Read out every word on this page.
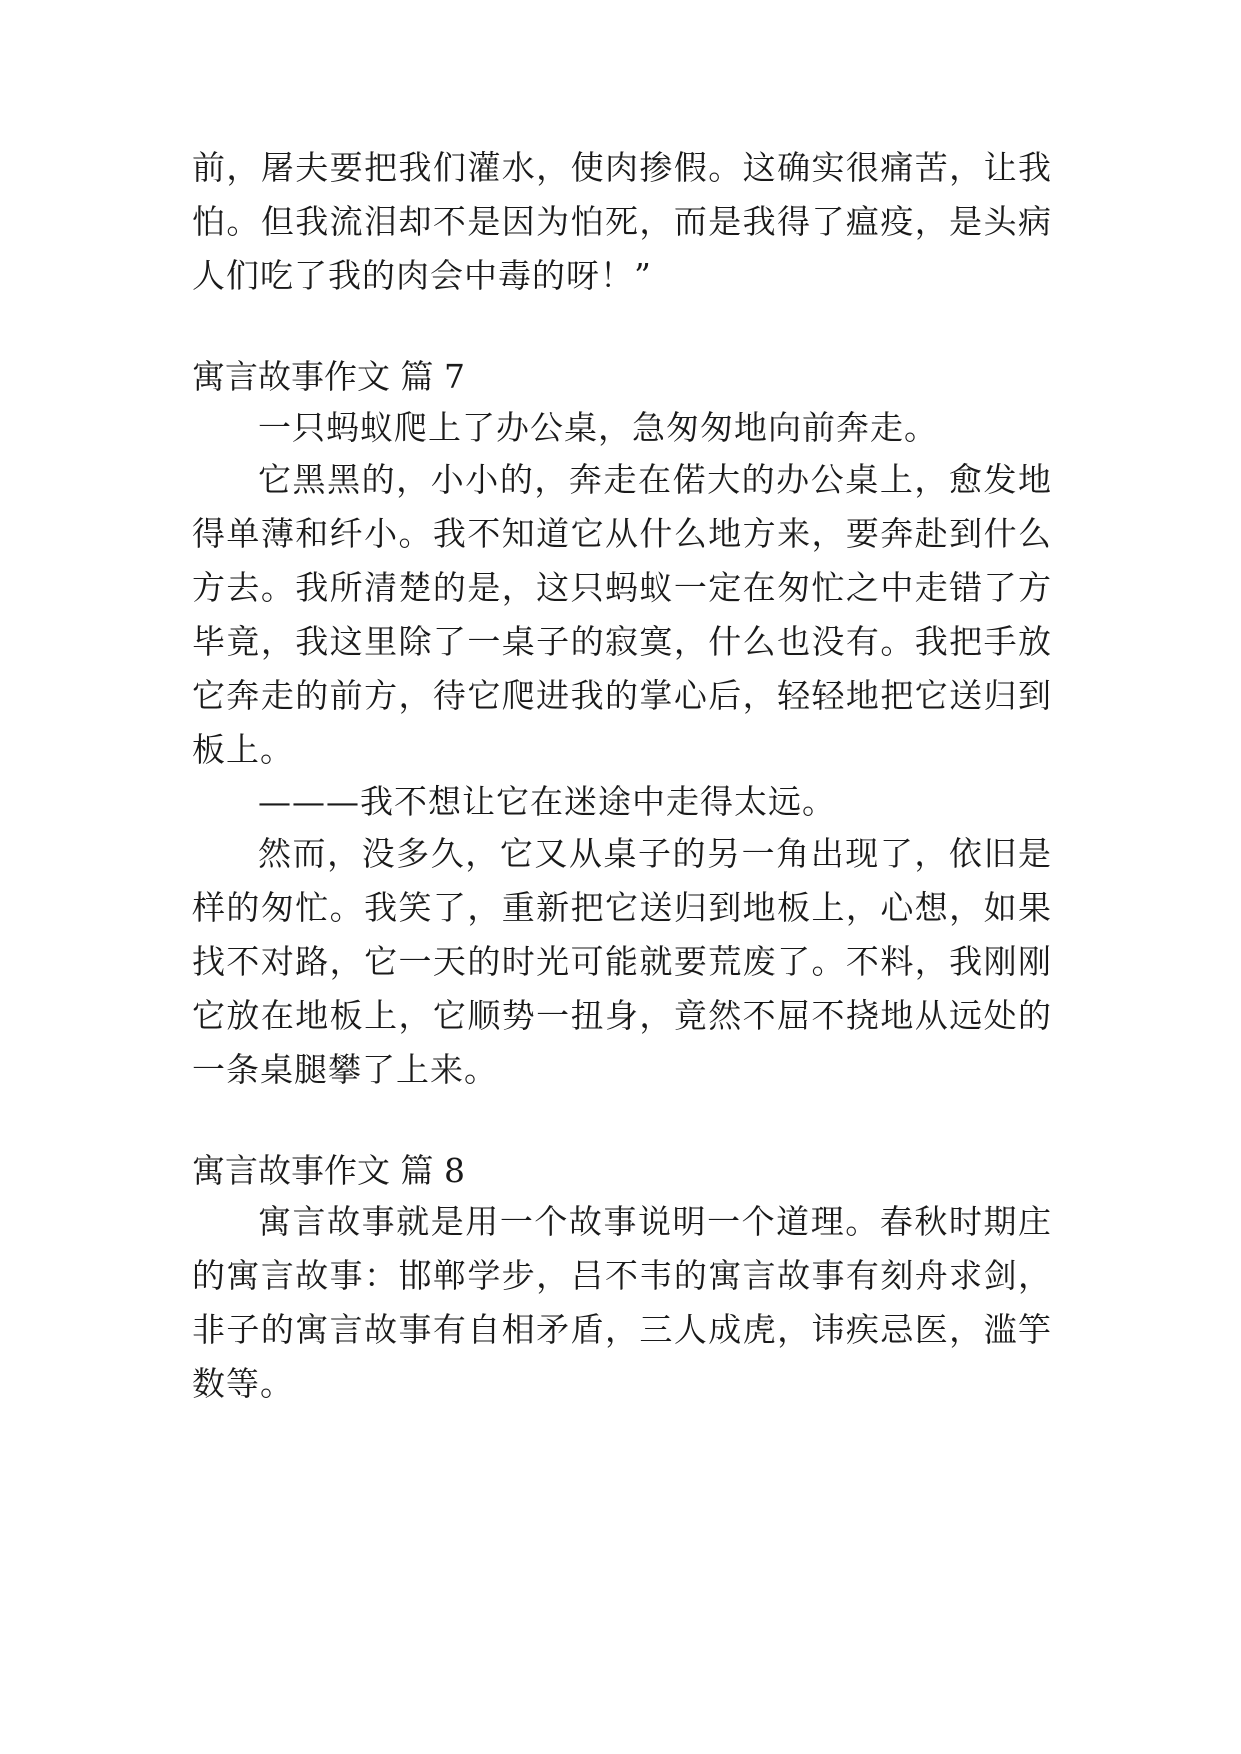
前，屠夫要把我们灌水，使肉掺假。这确实很痛苦，让我
怕。但我流泪却不是因为怕死，而是我得了瘟疫，是头病
人们吃了我的肉会中毒的呀！”
寓言故事作文 篇 7
一只蚂蚁爬上了办公桌，急匆匆地向前奔走。
它黑黑的，小小的，奔走在偌大的办公桌上，愈发地
得单薄和纤小。我不知道它从什么地方来，要奔赴到什么
方去。我所清楚的是，这只蚂蚁一定在匆忙之中走错了方
毕竟，我这里除了一桌子的寂寞，什么也没有。我把手放
它奔走的前方，待它爬进我的掌心后，轻轻地把它送归到
板上。
———我不想让它在迷途中走得太远。
然而，没多久，它又从桌子的另一角出现了，依旧是
样的匆忙。我笑了，重新把它送归到地板上，心想，如果
找不对路，它一天的时光可能就要荒废了。不料，我刚刚
它放在地板上，它顺势一扭身，竟然不屈不挠地从远处的
一条桌腿攀了上来。
寓言故事作文 篇 8
寓言故事就是用一个故事说明一个道理。春秋时期庄
的寓言故事：邯郸学步，吕不韦的寓言故事有刻舟求剑，
非子的寓言故事有自相矛盾，三人成虎，讳疾忌医，滥竽
数等。
